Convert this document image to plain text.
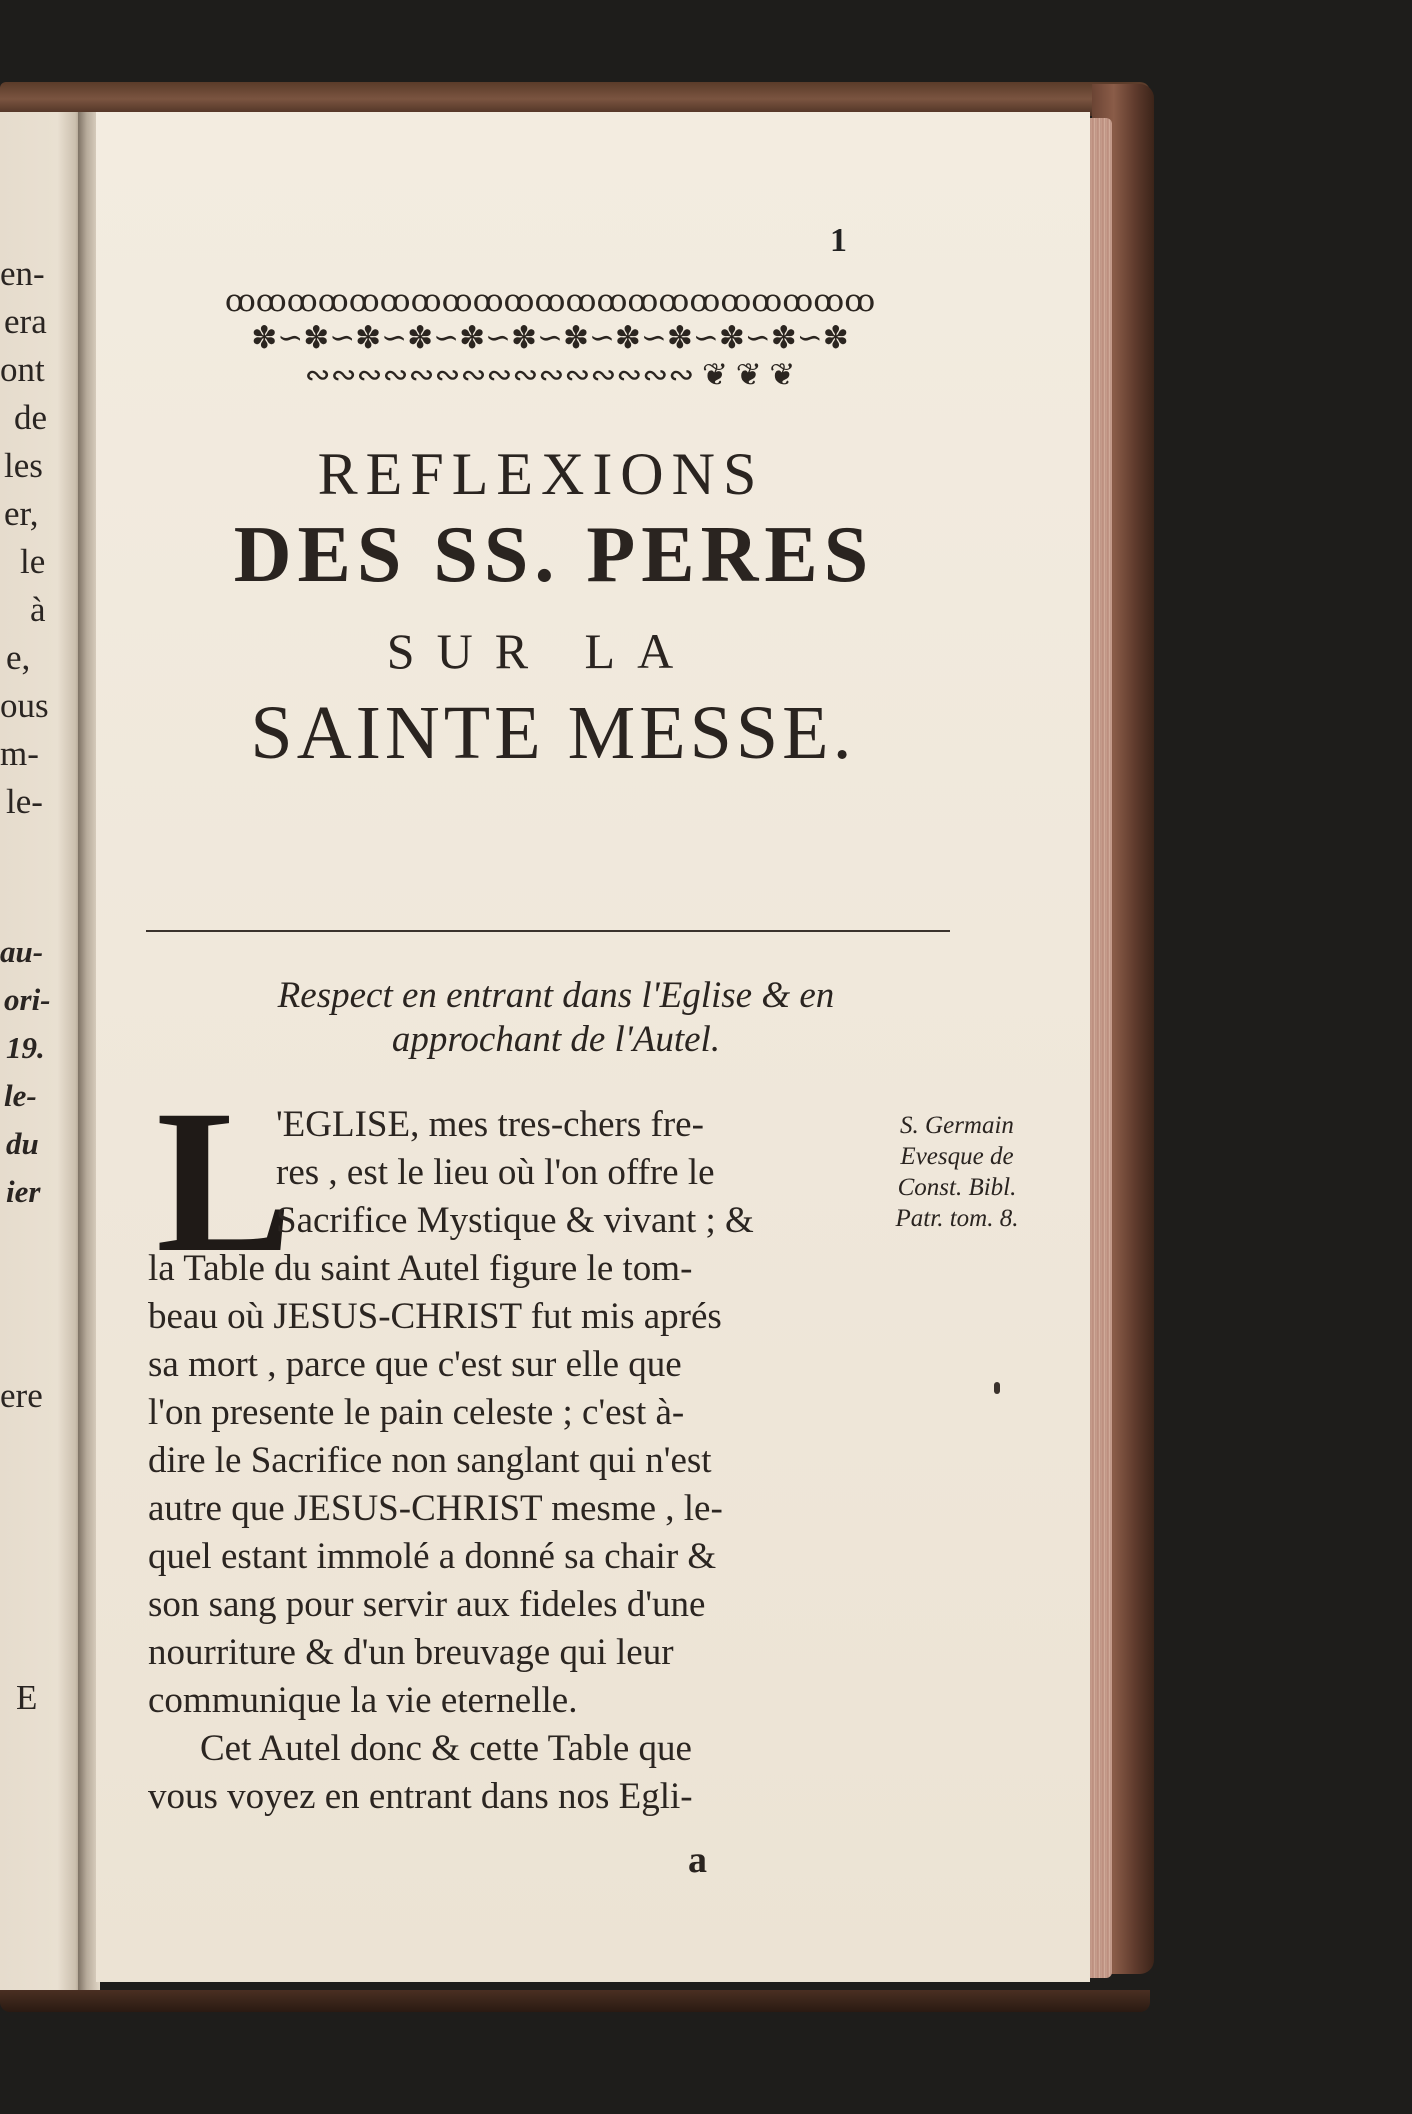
en-
era
ont
de
les
er,
le
à
e,
ous
m-
le-
au-
ori-
19.
le-
du
ier
ere
E
1
ꝏꝏꝏꝏꝏꝏꝏꝏꝏꝏꝏꝏꝏꝏꝏꝏꝏꝏꝏꝏꝏ
✽∽✽∽✽∽✽∽✽∽✽∽✽∽✽∽✽∽✽∽✽∽✽
∾∾∾∾∾∾∾∾∾∾∾∾∾∾∾ ❦ ❦ ❦
REFLEXIONS
DES SS. PERES
SUR LA
SAINTE MESSE.
Respect en entrant dans l'Eglise & en
approchant de l'Autel.
L
'EGLISE, mes tres-chers fre-
res , est le lieu où l'on offre le
Sacrifice Mystique & vivant ; &
la Table du saint Autel figure le tom-
beau où JESUS-CHRIST fut mis aprés
sa mort , parce que c'est sur elle que
l'on presente le pain celeste ; c'est à-
dire le Sacrifice non sanglant qui n'est
autre que JESUS-CHRIST mesme , le-
quel estant immolé a donné sa chair &
son sang pour servir aux fideles d'une
nourriture & d'un breuvage qui leur
communique la vie eternelle.
Cet Autel donc & cette Table que
vous voyez en entrant dans nos Egli-
a
S. Germain
Evesque de
Const. Bibl.
Patr. tom. 8.
